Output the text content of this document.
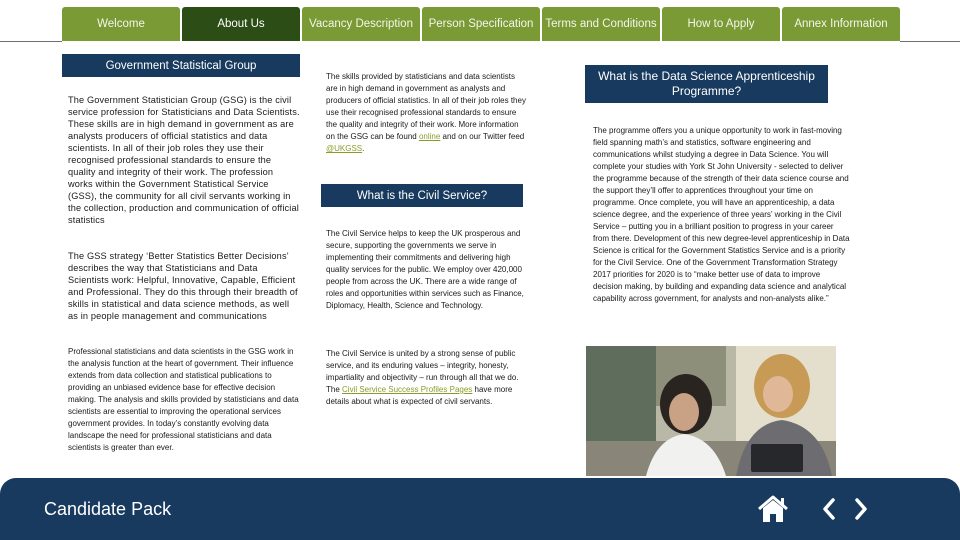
Welcome	About Us	Vacancy Description	Person Specification	Terms and Conditions	How to Apply	Annex Information
Government Statistical Group
The Government Statistician Group (GSG) is the civil service profession for Statisticians and Data Scientists. These skills are in high demand in government as are analysts producers of official statistics and data scientists. In all of their job roles they use their recognised professional standards to ensure the quality and integrity of their work. The profession works within the Government Statistical Service (GSS), the community for all civil servants working in the collection, production and communication of official statistics
The GSS strategy ‘Better Statistics Better Decisions’ describes the way that Statisticians and Data Scientists work: Helpful, Innovative, Capable, Efficient and Professional. They do this through their breadth of skills in statistical and data science methods, as well as in people management and communications
Professional statisticians and data scientists in the GSG work in the analysis function at the heart of government. Their influence extends from data collection and statistical publications to providing an unbiased evidence base for effective decision making. The analysis and skills provided by statisticians and data scientists are essential to improving the operational services government provides. In today’s constantly evolving data landscape the need for professional statisticians and data scientists is greater than ever.
The skills provided by statisticians and data scientists are in high demand in government as analysts and producers of official statistics. In all of their job roles they use their recognised professional standards to ensure the quality and integrity of their work. More information on the GSG can be found online and on our Twitter feed @UKGSS.
What is the Civil Service?
The Civil Service helps to keep the UK prosperous and secure, supporting the governments we serve in implementing their commitments and delivering high quality services for the public. We employ over 420,000 people from across the UK. There are a wide range of roles and opportunities within services such as Finance, Diplomacy, Health, Science and Technology.
The Civil Service is united by a strong sense of public service, and its enduring values – integrity, honesty, impartiality and objectivity – run through all that we do. The Civil Service Success Profiles Pages have more details about what is expected of civil servants.
What is the Data Science Apprenticeship Programme?
The programme offers you a unique opportunity to work in fast-moving field spanning math’s and statistics, software engineering and communications whilst studying a degree in Data Science. You will complete your studies with York St John University - selected to deliver the programme because of the strength of their data science course and the support they’ll offer to apprentices throughout your time on programme. Once complete, you will have an apprenticeship, a data science degree, and the experience of three years’ working in the Civil Service – putting you in a brilliant position to progress in your career from there. Development of this new degree-level apprenticeship in Data Science is critical for the Government Statistics Service and is a priority for the Civil Service. One of the Government Transformation Strategy 2017 priorities for 2020 is to “make better use of data to improve decision making, by building and expanding data science and analytical capability across government, for analysts and non-analysts alike.”
Candidate Pack
